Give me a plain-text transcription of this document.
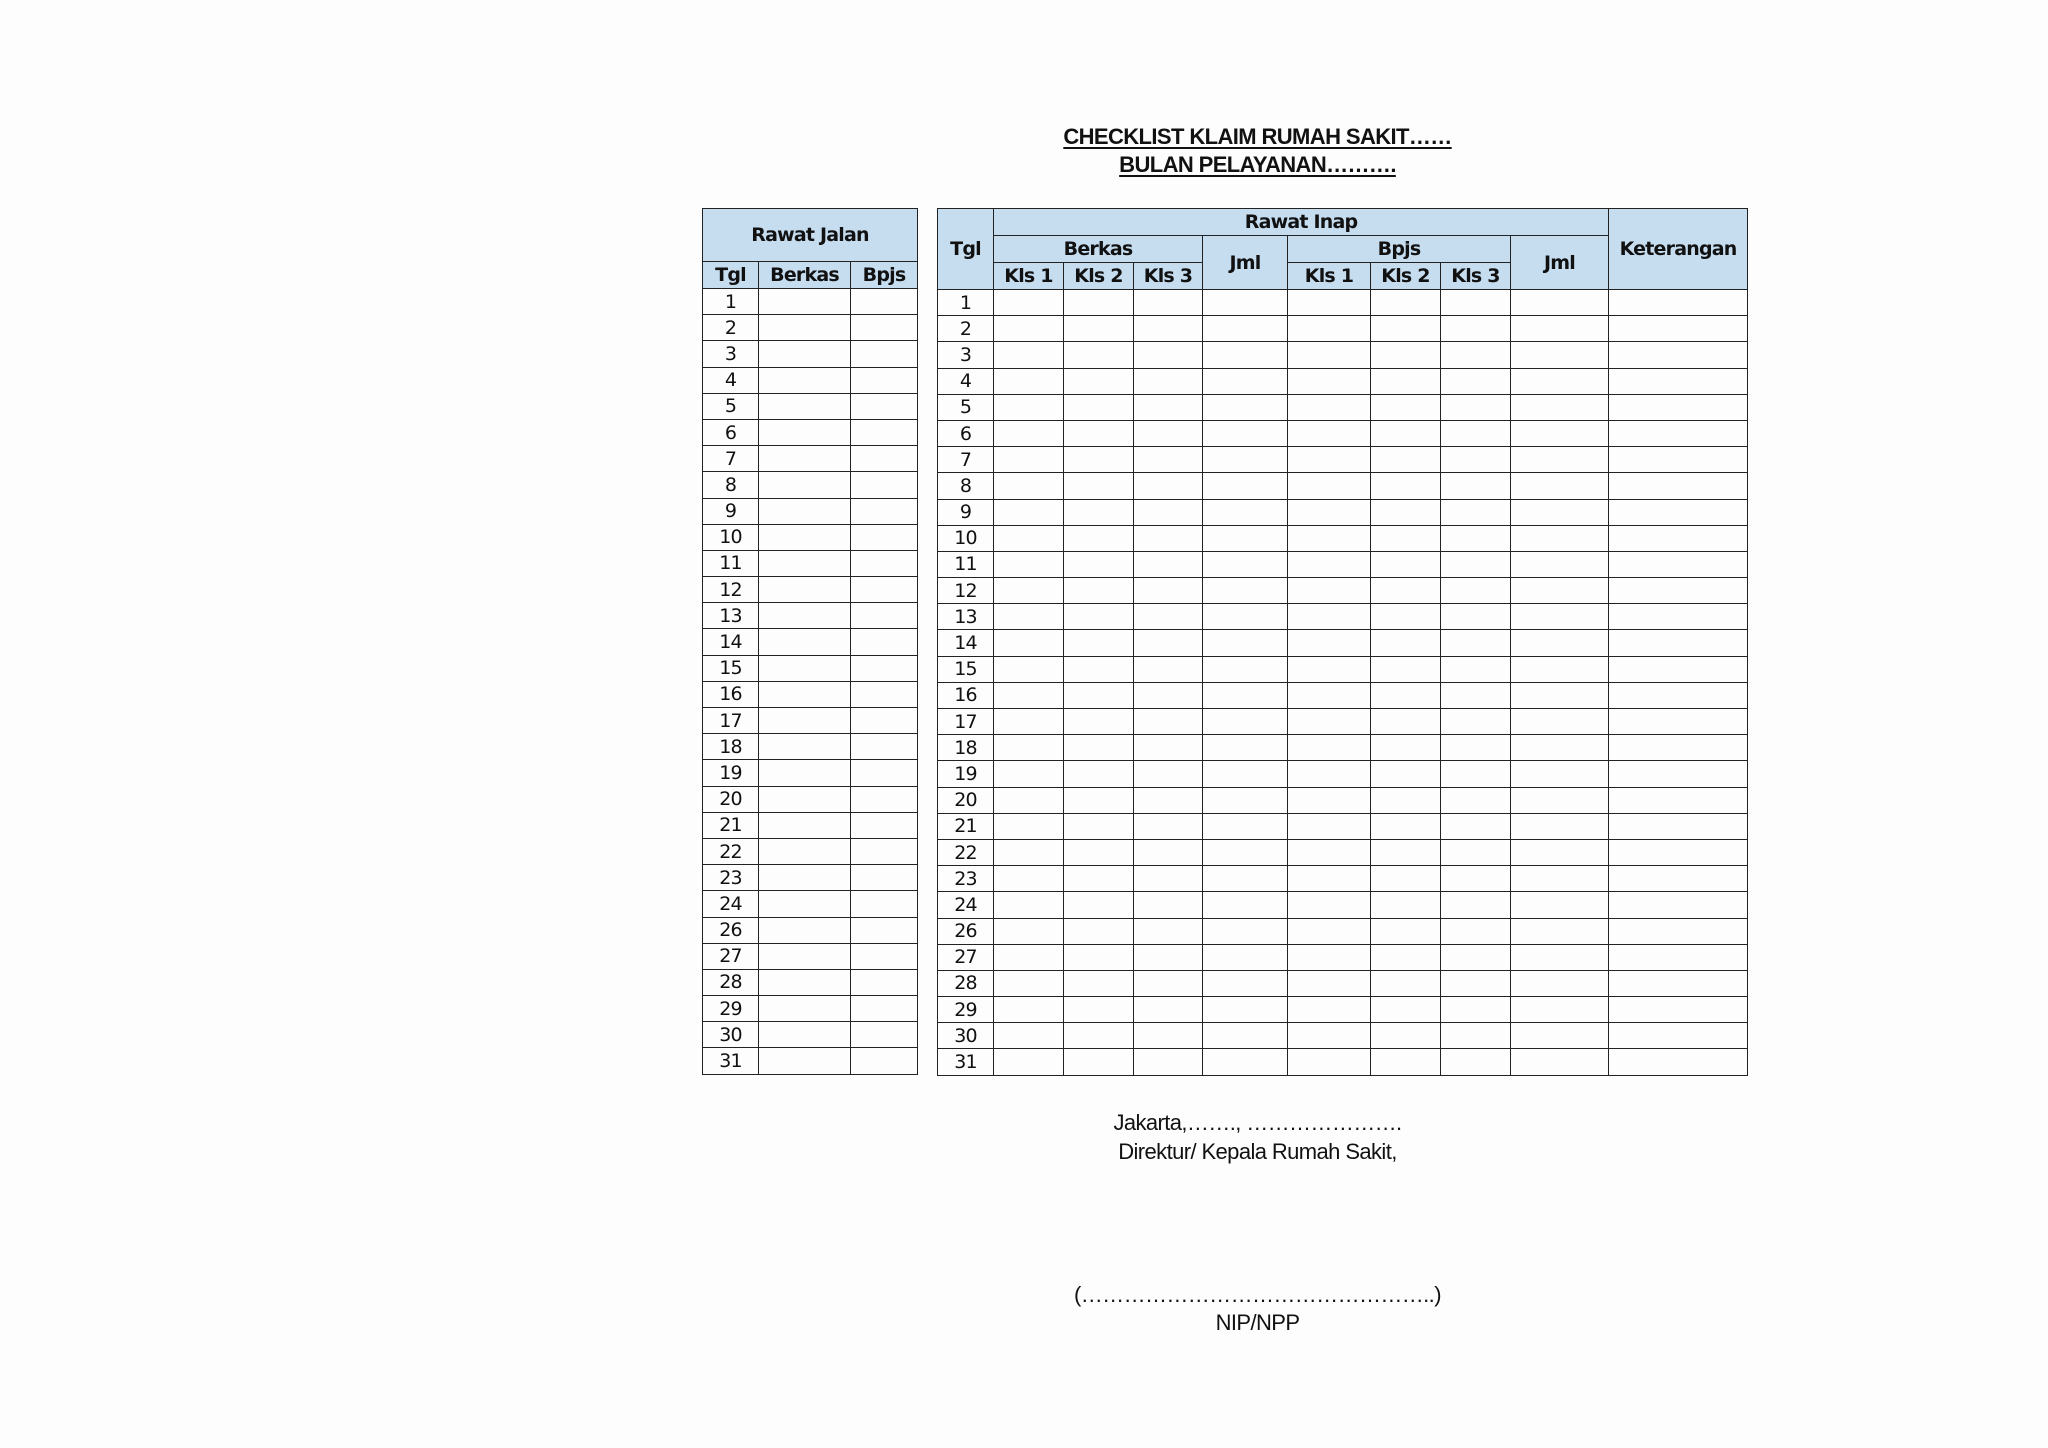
CHECKLIST KLAIM RUMAH SAKIT……
BULAN PELAYANAN……….
Rawat Jalan		
Tgl	Berkas	Bpjs
1		
2		
3		
4		
5		
6		
7		
8		
9		
10		
11		
12		
13		
14		
15		
16		
17		
18		
19		
20		
21		
22		
23		
24		
26		
27		
28		
29		
30		
31		
Tgl	Rawat Inap								Keterangan
	Berkas			Jml	Bpjs			Jml	
	Kls 1	Kls 2	Kls 3		Kls 1	Kls 2	Kls 3		
1									
2									
3									
4									
5									
6									
7									
8									
9									
10									
11									
12									
13									
14									
15									
16									
17									
18									
19									
20									
21									
22									
23									
24									
26									
27									
28									
29									
30									
31									
Jakarta,……., ………………….
Direktur/ Kepala Rumah Sakit,
(…………………………………………..)
NIP/NPP
